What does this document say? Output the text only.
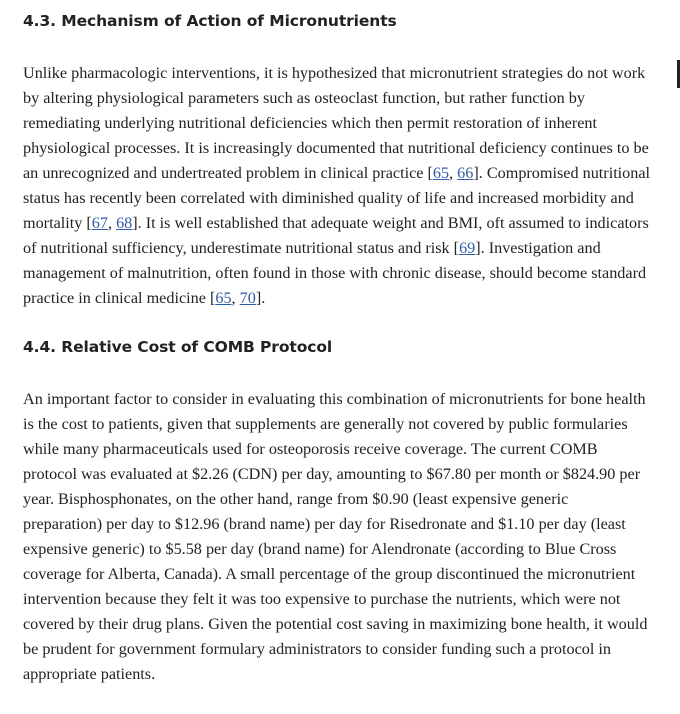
4.3. Mechanism of Action of Micronutrients

Unlike pharmacologic interventions, it is hypothesized that micronutrient strategies do not work by altering physiological parameters such as osteoclast function, but rather function by remediating underlying nutritional deficiencies which then permit restoration of inherent physiological processes. It is increasingly documented that nutritional deficiency continues to be an unrecognized and undertreated problem in clinical practice [65, 66]. Compromised nutritional status has recently been correlated with diminished quality of life and increased morbidity and mortality [67, 68]. It is well established that adequate weight and BMI, oft assumed to indicators of nutritional sufficiency, underestimate nutritional status and risk [69]. Investigation and management of malnutrition, often found in those with chronic disease, should become standard practice in clinical medicine [65, 70].

4.4. Relative Cost of COMB Protocol

An important factor to consider in evaluating this combination of micronutrients for bone health is the cost to patients, given that supplements are generally not covered by public formularies while many pharmaceuticals used for osteoporosis receive coverage. The current COMB protocol was evaluated at $2.26 (CDN) per day, amounting to $67.80 per month or $824.90 per year. Bisphosphonates, on the other hand, range from $0.90 (least expensive generic preparation) per day to $12.96 (brand name) per day for Risedronate and $1.10 per day (least expensive generic) to $5.58 per day (brand name) for Alendronate (according to Blue Cross coverage for Alberta, Canada). A small percentage of the group discontinued the micronutrient intervention because they felt it was too expensive to purchase the nutrients, which were not covered by their drug plans. Given the potential cost saving in maximizing bone health, it would be prudent for government formulary administrators to consider funding such a protocol in appropriate patients.
